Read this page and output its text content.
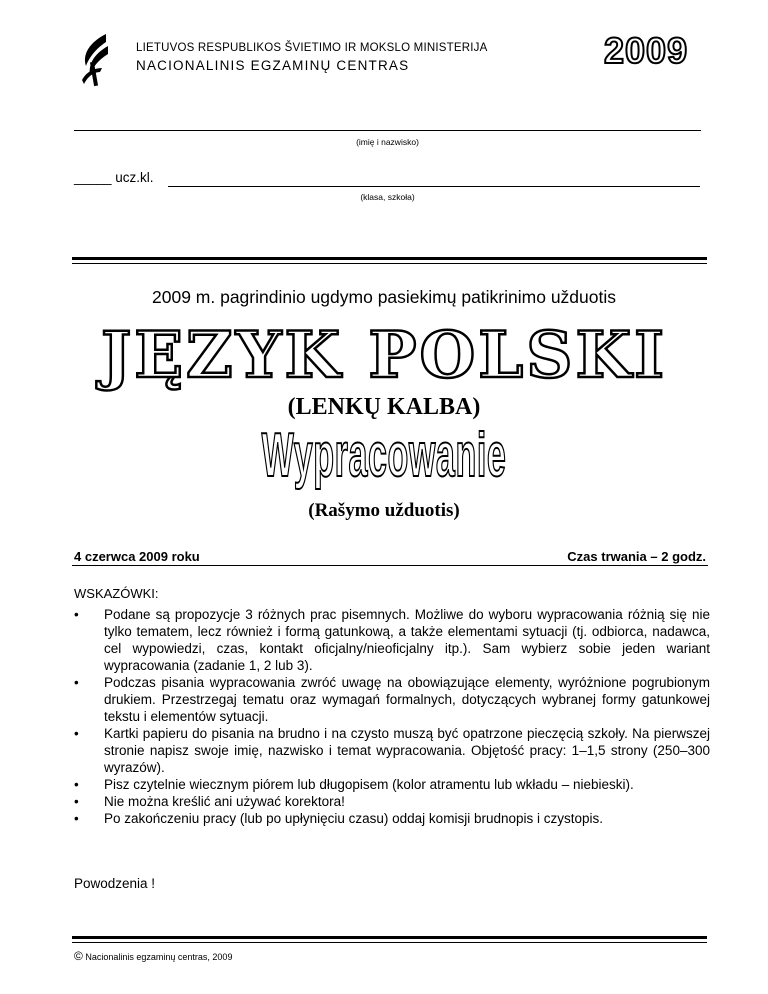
LIETUVOS RESPUBLIKOS ŠVIETIMO IR MOKSLO MINISTERIJA
NACIONALINIS EGZAMINŲ CENTRAS	2009
(imię i nazwisko)
_____ ucz.kl.
(klasa, szkoła)
2009 m. pagrindinio ugdymo pasiekimų patikrinimo užduotis
JĘZYK POLSKI
(LENKŲ KALBA)
Wypracowanie
(Rašymo užduotis)
4 czerwca 2009 roku	Czas trwania – 2 godz.
WSKAZÓWKI:
• Podane są propozycje 3 różnych prac pisemnych. Możliwe do wyboru wypracowania różnią się nie tylko tematem, lecz również i formą gatunkową, a także elementami sytuacji (tj. odbiorca, nadawca, cel wypowiedzi, czas, kontakt oficjalny/nieoficjalny itp.). Sam wybierz sobie jeden wariant wypracowania (zadanie 1, 2 lub 3).
• Podczas pisania wypracowania zwróć uwagę na obowiązujące elementy, wyróżnione pogrubionym drukiem. Przestrzegaj tematu oraz wymagań formalnych, dotyczących wybranej formy gatunkowej tekstu i elementów sytuacji.
• Kartki papieru do pisania na brudno i na czysto muszą być opatrzone pieczęcią szkoły. Na pierwszej stronie napisz swoje imię, nazwisko i temat wypracowania. Objętość pracy: 1–1,5 strony (250–300 wyrazów).
• Pisz czytelnie wiecznym piórem lub długopisem (kolor atramentu lub wkładu – niebieski).
• Nie można kreślić ani używać korektora!
• Po zakończeniu pracy (lub po upłynięciu czasu) oddaj komisji brudnopis i czystopis.
Powodzenia !
© Nacionalinis egzaminų centras, 2009
